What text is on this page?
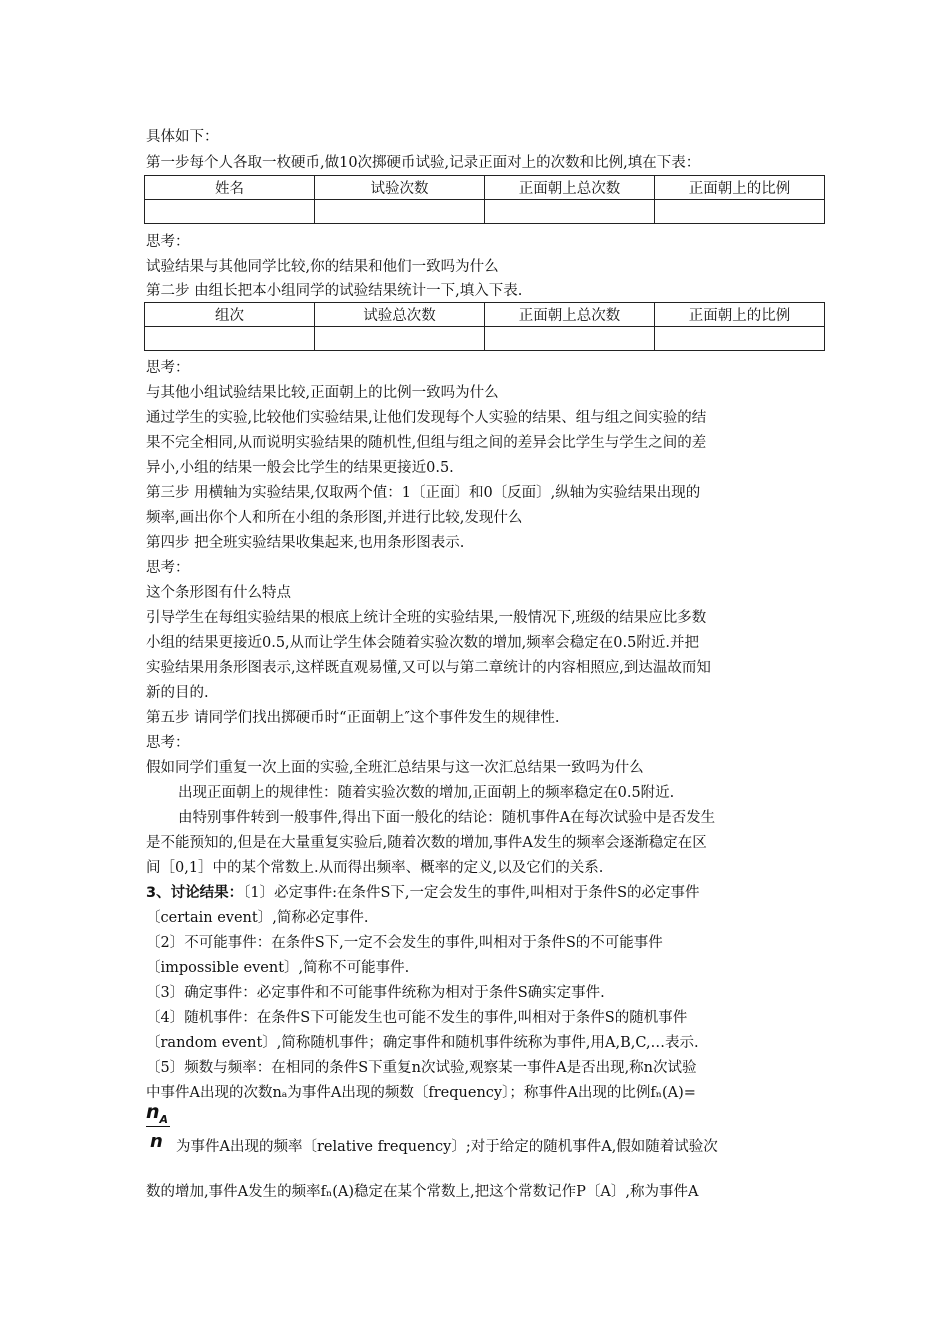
具体如下：
第一步每个人各取一枚硬币,做10次掷硬币试验,记录正面对上的次数和比例,填在下表：
姓名	试验次数	正面朝上总次数	正面朝上的比例

思考：
试验结果与其他同学比较,你的结果和他们一致吗为什么
第二步 由组长把本小组同学的试验结果统计一下,填入下表.
组次	试验总次数	正面朝上总次数	正面朝上的比例

思考：
与其他小组试验结果比较,正面朝上的比例一致吗为什么
通过学生的实验,比较他们实验结果,让他们发现每个人实验的结果、组与组之间实验的结
果不完全相同,从而说明实验结果的随机性,但组与组之间的差异会比学生与学生之间的差
异小,小组的结果一般会比学生的结果更接近0.5.
第三步 用横轴为实验结果,仅取两个值：1〔正面〕和0〔反面〕,纵轴为实验结果出现的
频率,画出你个人和所在小组的条形图,并进行比较,发现什么
第四步 把全班实验结果收集起来,也用条形图表示.
思考：
这个条形图有什么特点
引导学生在每组实验结果的根底上统计全班的实验结果,一般情况下,班级的结果应比多数
小组的结果更接近0.5,从而让学生体会随着实验次数的增加,频率会稳定在0.5附近.并把
实验结果用条形图表示,这样既直观易懂,又可以与第二章统计的内容相照应,到达温故而知
新的目的.
第五步 请同学们找出掷硬币时“正面朝上″这个事件发生的规律性.
思考：
假如同学们重复一次上面的实验,全班汇总结果与这一次汇总结果一致吗为什么
出现正面朝上的规律性：随着实验次数的增加,正面朝上的频率稳定在0.5附近.
由特别事件转到一般事件,得出下面一般化的结论：随机事件A在每次试验中是否发生
是不能预知的,但是在大量重复实验后,随着次数的增加,事件A发生的频率会逐渐稳定在区
间［0,1］中的某个常数上.从而得出频率、概率的定义,以及它们的关系.
3、讨论结果：〔1〕必定事件:在条件S下,一定会发生的事件,叫相对于条件S的必定事件
〔certain event〕,简称必定事件.
〔2〕不可能事件：在条件S下,一定不会发生的事件,叫相对于条件S的不可能事件
〔impossible event〕,简称不可能事件.
〔3〕确定事件：必定事件和不可能事件统称为相对于条件S确实定事件.
〔4〕随机事件：在条件S下可能发生也可能不发生的事件,叫相对于条件S的随机事件
〔random event〕,简称随机事件；确定事件和随机事件统称为事件,用A,B,C,…表示.
〔5〕频数与频率：在相同的条件S下重复n次试验,观察某一事件A是否出现,称n次试验
中事件A出现的次数nₐ为事件A出现的频数〔frequency〕；称事件A出现的比例fₙ(A)=
$n_A$
n 为事件A出现的频率〔relative frequency〕;对于给定的随机事件A,假如随着试验次
数的增加,事件A发生的频率fₙ(A)稳定在某个常数上,把这个常数记作P〔A〕,称为事件A
